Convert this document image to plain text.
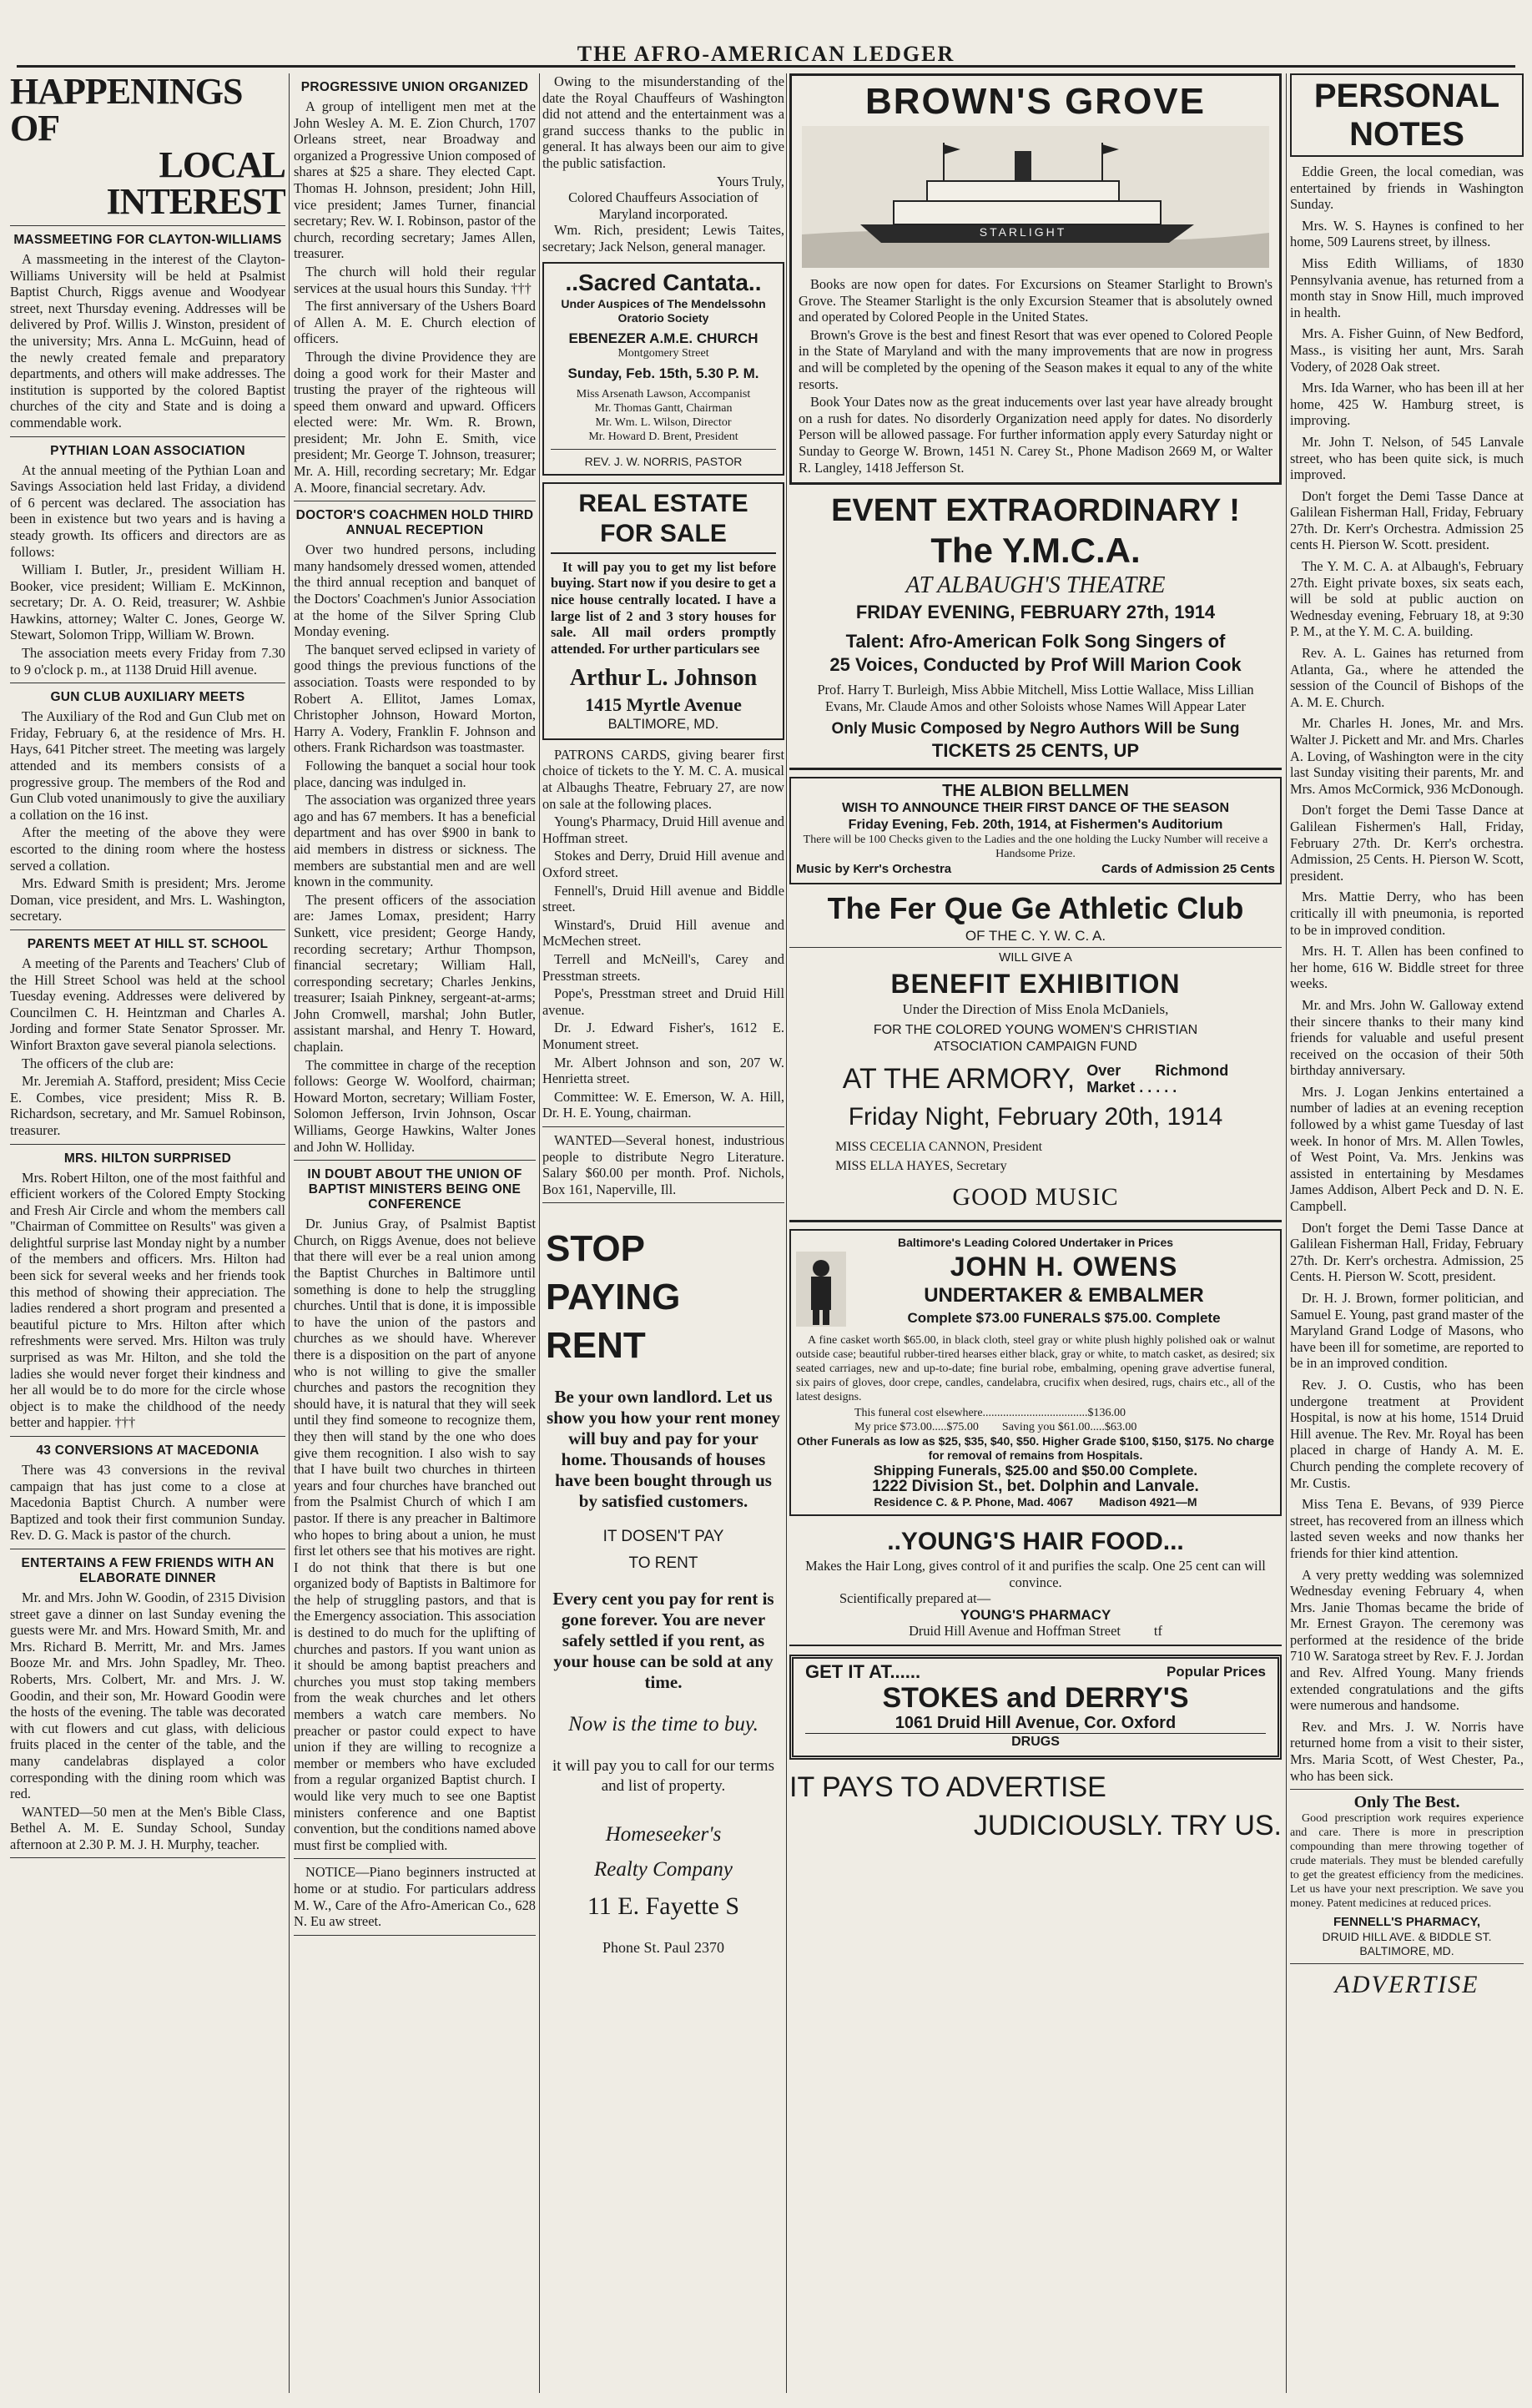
THE AFRO-AMERICAN LEDGER
HAPPENINGS OF
LOCAL INTEREST
MASSMEETING FOR CLAYTON-WILLIAMS

A massmeeting in the interest of the Clayton-Williams University will be held at Psalmist Baptist Church, Riggs avenue and Woodyear street, next Thursday evening. Addresses will be delivered by Prof. Willis J. Winston, president of the university; Mrs. Anna L. McGuinn, head of the newly created female and preparatory departments, and others will make addresses. The institution is supported by the colored Baptist churches of the city and State and is doing a commendable work.

PYTHIAN LOAN ASSOCIATION

At the annual meeting of the Pythian Loan and Savings Association held last Friday, a dividend of 6 percent was declared. The association has been in existence but two years and is having a steady growth. Its officers and directors are as follows:

William I. Butler, Jr., president William H. Booker, vice president; William E. McKinnon, secretary; Dr. A. O. Reid, treasurer; W. Ashbie Hawkins, attorney; Walter C. Jones, George W. Stewart, Solomon Tripp, William W. Brown.

The association meets every Friday from 7.30 to 9 o'clock p. m., at 1138 Druid Hill avenue.

GUN CLUB AUXILIARY MEETS

The Auxiliary of the Rod and Gun Club met on Friday, February 6, at the residence of Mrs. H. Hays, 641 Pitcher street. The meeting was largely attended and its members consists of a progressive group. The members of the Rod and Gun Club voted unanimously to give the auxiliary a collation on the 16 inst.

After the meeting of the above they were escorted to the dining room where the hostess served a collation.

Mrs. Edward Smith is president; Mrs. Jerome Doman, vice president, and Mrs. L. Washington, secretary.

PARENTS MEET AT HILL ST. SCHOOL

A meeting of the Parents and Teachers' Club of the Hill Street School was held at the school Tuesday evening. Addresses were delivered by Councilmen C. H. Heintzman and Charles A. Jording and former State Senator Sprosser. Mr. Winfort Braxton gave several pianola selections.

The officers of the club are:

Mr. Jeremiah A. Stafford, president; Miss Cecie E. Combes, vice president; Miss R. B. Richardson, secretary, and Mr. Samuel Robinson, treasurer.

MRS. HILTON SURPRISED

Mrs. Robert Hilton, one of the most faithful and efficient workers of the Colored Empty Stocking and Fresh Air Circle and whom the members call "Chairman of Committee on Results" was given a delightful surprise last Monday night by a number of the members and officers. Mrs. Hilton had been sick for several weeks and her friends took this method of showing their appreciation. The ladies rendered a short program and presented a beautiful picture to Mrs. Hilton after which refreshments were served. Mrs. Hilton was truly surprised as was Mr. Hilton, and she told the ladies she would never forget their kindness and her all would be to do more for the circle whose object is to make the childhood of the needy better and happier. †††

43 CONVERSIONS AT MACEDONIA

There was 43 conversions in the revival campaign that has just come to a close at Macedonia Baptist Church. A number were Baptized and took their first communion Sunday. Rev. D. G. Mack is pastor of the church.

ENTERTAINS A FEW FRIENDS WITH AN ELABORATE DINNER

Mr. and Mrs. John W. Goodin, of 2315 Division street gave a dinner on last Sunday evening the guests were Mr. and Mrs. Howard Smith, Mr. and Mrs. Richard B. Merritt, Mr. and Mrs. James Booze Mr. and Mrs. John Spadley, Mr. Theo. Roberts, Mrs. Colbert, Mr. and Mrs. J. W. Goodin, and their son, Mr. Howard Goodin were the hosts of the evening. The table was decorated with cut flowers and cut glass, with delicious fruits placed in the center of the table, and the many candelabras displayed a color corresponding with the dining room which was red.

WANTED—50 men at the Men's Bible Class, Bethel A. M. E. Sunday School, Sunday afternoon at 2.30 P. M. J. H. Murphy, teacher.

PROGRESSIVE UNION ORGANIZED

A group of intelligent men met at the John Wesley A. M. E. Zion Church, 1707 Orleans street, near Broadway and organized a Progressive Union composed of shares at $25 a share. They elected Capt. Thomas H. Johnson, president; John Hill, vice president; James Turner, financial secretary; Rev. W. I. Robinson, pastor of the church, recording secretary; James Allen, treasurer.

The church will hold their regular services at the usual hours this Sunday. †††

The first anniversary of the Ushers Board of Allen A. M. E. Church election of officers.

Through the divine Providence they are doing a good work for their Master and trusting the prayer of the righteous will speed them onward and upward. Officers elected were: Mr. Wm. R. Brown, president; Mr. John E. Smith, vice president; Mr. George T. Johnson, treasurer; Mr. A. Hill, recording secretary; Mr. Edgar A. Moore, financial secretary. Adv.

DOCTOR'S COACHMEN HOLD THIRD ANNUAL RECEPTION

Over two hundred persons, including many handsomely dressed women, attended the third annual reception and banquet of the Doctors' Coachmen's Junior Association at the home of the Silver Spring Club Monday evening.

The banquet served eclipsed in variety of good things the previous functions of the association. Toasts were responded to by Robert A. Ellitot, James Lomax, Christopher Johnson, Howard Morton, Harry A. Vodery, Franklin F. Johnson and others. Frank Richardson was toastmaster.

Following the banquet a social hour took place, dancing was indulged in.

The association was organized three years ago and has 67 members. It has a beneficial department and has over $900 in bank to aid members in distress or sickness. The members are substantial men and are well known in the community.

The present officers of the association are: James Lomax, president; Harry Sunkett, vice president; George Handy, recording secretary; Arthur Thompson, financial secretary; William Hall, corresponding secretary; Charles Jenkins, treasurer; Isaiah Pinkney, sergeant-at-arms; John Cromwell, marshal; John Butler, assistant marshal, and Henry T. Howard, chaplain.

The committee in charge of the reception follows: George W. Woolford, chairman; Howard Morton, secretary; William Foster, Solomon Jefferson, Irvin Johnson, Oscar Williams, George Hawkins, Walter Jones and John W. Holliday.

IN DOUBT ABOUT THE UNION OF BAPTIST MINISTERS BEING ONE CONFERENCE

Dr. Junius Gray, of Psalmist Baptist Church, on Riggs Avenue, does not believe that there will ever be a real union among the Baptist Churches in Baltimore until something is done to help the struggling churches. Until that is done, it is impossible to have the union of the pastors and churches as we should have. Wherever there is a disposition on the part of anyone who is not willing to give the smaller churches and pastors the recognition they should have, it is natural that they will seek until they find someone to recognize them, they then will stand by the one who does give them recognition. I also wish to say that I have built two churches in thirteen years and four churches have branched out from the Psalmist Church of which I am pastor. If there is any preacher in Baltimore who hopes to bring about a union, he must first let others see that his motives are right. I do not think that there is but one organized body of Baptists in Baltimore for the help of struggling pastors, and that is the Emergency association. This association is destined to do much for the uplifting of churches and pastors. If you want union as it should be among baptist preachers and churches you must stop taking members from the weak churches and let others members a watch care members. No preacher or pastor could expect to have union if they are willing to recognize a member or members who have excluded from a regular organized Baptist church. I would like very much to see one Baptist ministers conference and one Baptist convention, but the conditions named above must first be complied with.

NOTICE—Piano beginners instructed at home or at studio. For particulars address M. W., Care of the Afro-American Co., 628 N. Eu aw street.

Owing to the misunderstanding of the date the Royal Chauffeurs of Washington did not attend and the entertainment was a grand success thanks to the public in general. It has always been our aim to give the public satisfaction.

Yours Truly,
Colored Chauffeurs Association of Maryland incorporated.

Wm. Rich, president; Lewis Taites, secretary; Jack Nelson, general manager.

..Sacred Cantata..
Under Auspices of The Mendelssohn Oratorio Society
EBENEZER A.M.E. CHURCH
Montgomery Street
Sunday, Feb. 15th, 5.30 P. M.
Miss Arsenath Lawson, Accompanist
Mr. Thomas Gantt, Chairman
Mr. Wm. L. Wilson, Director
Mr. Howard D. Brent, President
REV. J. W. NORRIS, PASTOR
REAL ESTATE FOR SALE

It will pay you to get my list before buying. Start now if you desire to get a nice house centrally located. I have a large list of 2 and 3 story houses for sale. All mail orders promptly attended. For urther particulars see

Arthur L. Johnson
1415 Myrtle Avenue
BALTIMORE, MD.

PATRONS CARDS, giving bearer first choice of tickets to the Y. M. C. A. musical at Albaughs Theatre, February 27, are now on sale at the following places.

Young's Pharmacy, Druid Hill avenue and Hoffman street.

Stokes and Derry, Druid Hill avenue and Oxford street.

Fennell's, Druid Hill avenue and Biddle street.

Winstard's, Druid Hill avenue and McMechen street.

Terrell and McNeill's, Carey and Presstman streets.

Pope's, Presstman street and Druid Hill avenue.

Dr. J. Edward Fisher's, 1612 E. Monument street.

Mr. Albert Johnson and son, 207 W. Henrietta street.

Committee: W. E. Emerson, W. A. Hill, Dr. H. E. Young, chairman.

WANTED—Several honest, industrious people to distribute Negro Literature. Salary $60.00 per month. Prof. Nichols, Box 161, Naperville, Ill.

STOP
PAYING
RENT

Be your own landlord. Let us show you how your rent money will buy and pay for your home. Thousands of houses have been bought through us by satisfied customers.

IT DOSEN'T PAY
TO RENT

Every cent you pay for rent is gone forever. You are never safely settled if you rent, as your house can be sold at any time.

Now is the time to buy.
it will pay you to call for our terms and list of property.
Homeseeker's
Realty Company
11 E. Fayette S
Phone St. Paul 2370
BROWN'S GROVE
STARLIGHT

Books are now open for dates. For Excursions on Steamer Starlight to Brown's Grove. The Steamer Starlight is the only Excursion Steamer that is absolutely owned and operated by Colored People in the United States.

Brown's Grove is the best and finest Resort that was ever opened to Colored People in the State of Maryland and with the many improvements that are now in progress and will be completed by the opening of the Season makes it equal to any of the white resorts.

Book Your Dates now as the great inducements over last year have already brought on a rush for dates. No disorderly Organization need apply for dates. No disorderly Person will be allowed passage. For further information apply every Saturday night or Sunday to George W. Brown, 1451 N. Carey St., Phone Madison 2669 M, or Walter R. Langley, 1418 Jefferson St.

EVENT EXTRAORDINARY !
The Y.M.C.A.
AT ALBAUGH'S THEATRE
FRIDAY EVENING, FEBRUARY 27th, 1914
Talent: Afro-American Folk Song Singers of
25 Voices, Conducted by Prof Will Marion Cook
Prof. Harry T. Burleigh, Miss Abbie Mitchell, Miss Lottie Wallace, Miss Lillian Evans, Mr. Claude Amos and other Soloists whose Names Will Appear Later
Only Music Composed by Negro Authors Will be Sung
TICKETS 25 CENTS, UP
THE ALBION BELLMEN
WISH TO ANNOUNCE THEIR FIRST DANCE OF THE SEASON
Friday Evening, Feb. 20th, 1914, at Fishermen's Auditorium
There will be 100 Checks given to the Ladies and the one holding the Lucky Number will receive a Handsome Prize.
Music by Kerr's Orchestra	Cards of Admission 25 Cents
The Fer Que Ge Athletic Club
OF THE C. Y. W. C. A.
WILL GIVE A
BENEFIT EXHIBITION
Under the Direction of Miss Enola McDaniels,
FOR THE COLORED YOUNG WOMEN'S CHRISTIAN
ATSOCIATION CAMPAIGN FUND
AT THE ARMORY, Over Richmond Market . . . . .
Friday Night, February 20th, 1914
MISS CECELIA CANNON, President
MISS ELLA HAYES, Secretary
GOOD MUSIC
Baltimore's Leading Colored Undertaker in Prices
JOHN H. OWENS
UNDERTAKER & EMBALMER
Complete $73.00 FUNERALS $75.00. Complete

A fine casket worth $65.00, in black cloth, steel gray or white plush highly polished oak or walnut outside case; beautiful rubber-tired hearses either black, gray or white, to match casket, as desired; six seated carriages, new and up-to-date; fine burial robe, embalming, opening grave advertise funeral, six pairs of gloves, door crepe, candles, candelabra, crucifix when desired, rugs, chairs etc., all of the latest designs.

This funeral cost elsewhere....................................$136.00
My price $73.00.....$75.00        Saving you $61.00.....$63.00
Other Funerals as low as $25, $35, $40, $50. Higher Grade $100, $150, $175. No charge for removal of remains from Hospitals.
Shipping Funerals, $25.00 and $50.00 Complete.
1222 Division St., bet. Dolphin and Lanvale.
Residence C. & P. Phone, Mad. 4067        Madison 4921—M
..YOUNG'S HAIR FOOD...
Makes the Hair Long, gives control of it and purifies the scalp. One 25 cent can will convince.
Scientifically prepared at—
YOUNG'S PHARMACY
Druid Hill Avenue and Hoffman Street tf
GET IT AT......	Popular Prices
STOKES and DERRY'S
1061 Druid Hill Avenue, Cor. Oxford
DRUGS
IT PAYS TO ADVERTISE
JUDICIOUSLY. TRY US.
PERSONAL NOTES

Eddie Green, the local comedian, was entertained by friends in Washington Sunday.

Mrs. W. S. Haynes is confined to her home, 509 Laurens street, by illness.

Miss Edith Williams, of 1830 Pennsylvania avenue, has returned from a month stay in Snow Hill, much improved in health.

Mrs. A. Fisher Guinn, of New Bedford, Mass., is visiting her aunt, Mrs. Sarah Vodery, of 2028 Oak street.

Mrs. Ida Warner, who has been ill at her home, 425 W. Hamburg street, is improving.

Mr. John T. Nelson, of 545 Lanvale street, who has been quite sick, is much improved.

Don't forget the Demi Tasse Dance at Galilean Fisherman Hall, Friday, February 27th. Dr. Kerr's Orchestra. Admission 25 cents H. Pierson W. Scott. president.

The Y. M. C. A. at Albaugh's, February 27th. Eight private boxes, six seats each, will be sold at public auction on Wednesday evening, February 18, at 9:30 P. M., at the Y. M. C. A. building.

Rev. A. L. Gaines has returned from Atlanta, Ga., where he attended the session of the Council of Bishops of the A. M. E. Church.

Mr. Charles H. Jones, Mr. and Mrs. Walter J. Pickett and Mr. and Mrs. Charles A. Loving, of Washington were in the city last Sunday visiting their parents, Mr. and Mrs. Amos McCormick, 936 McDonough.

Don't forget the Demi Tasse Dance at Galilean Fishermen's Hall, Friday, February 27th. Dr. Kerr's orchestra. Admission, 25 Cents. H. Pierson W. Scott, president.

Mrs. Mattie Derry, who has been critically ill with pneumonia, is reported to be in improved condition.

Mrs. H. T. Allen has been confined to her home, 616 W. Biddle street for three weeks.

Mr. and Mrs. John W. Galloway extend their sincere thanks to their many kind friends for valuable and useful present received on the occasion of their 50th birthday anniversary.

Mrs. J. Logan Jenkins entertained a number of ladies at an evening reception followed by a whist game Tuesday of last week. In honor of Mrs. M. Allen Towles, of West Point, Va. Mrs. Jenkins was assisted in entertaining by Mesdames James Addison, Albert Peck and D. N. E. Campbell.

Don't forget the Demi Tasse Dance at Galilean Fisherman Hall, Friday, February 27th. Dr. Kerr's orchestra. Admission, 25 Cents. H. Pierson W. Scott, president.

Dr. H. J. Brown, former politician, and Samuel E. Young, past grand master of the Maryland Grand Lodge of Masons, who have been ill for sometime, are reported to be in an improved condition.

Rev. J. O. Custis, who has been undergone treatment at Provident Hospital, is now at his home, 1514 Druid Hill avenue. The Rev. Mr. Royal has been placed in charge of Handy A. M. E. Church pending the complete recovery of Mr. Custis.

Miss Tena E. Bevans, of 939 Pierce street, has recovered from an illness which lasted seven weeks and now thanks her friends for thier kind attention.

A very pretty wedding was solemnized Wednesday evening February 4, when Mrs. Janie Thomas became the bride of Mr. Ernest Grayon. The ceremony was performed at the residence of the bride 710 W. Saratoga street by Rev. F. J. Jordan and Rev. Alfred Young. Many friends extended congratulations and the gifts were numerous and handsome.

Rev. and Mrs. J. W. Norris have returned home from a visit to their sister, Mrs. Maria Scott, of West Chester, Pa., who has been sick.

Only The Best.

Good prescription work requires experience and care. There is more in prescription compounding than mere throwing together of crude materials. They must be blended carefully to get the greatest efficiency from the medicines. Let us have your next prescription. We save you money. Patent medicines at reduced prices.

FENNELL'S PHARMACY,
DRUID HILL AVE. & BIDDLE ST.
BALTIMORE, MD.
ADVERTISE
